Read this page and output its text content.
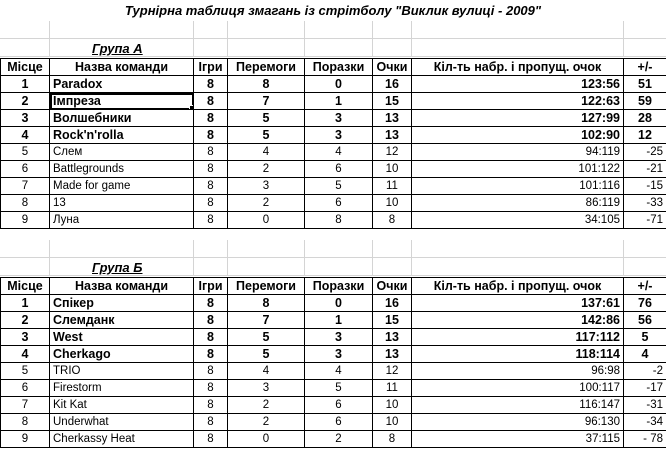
Турнірна таблиця змагань із стрітболу "Виклик вулиці - 2009"
Група А
Місце	Назва команди	Ігри	Перемоги	Поразки	Очки	Кіл-ть набр. і пропущ. очок	+/-
1	Paradox	8	8	0	16	123:56	51
2	Імпреза	8	7	1	15	122:63	59
3	Волшебники	8	5	3	13	127:99	28
4	Rock'n'rolla	8	5	3	13	102:90	12
5	Слем	8	4	4	12	94:119	-25
6	Battlegrounds	8	2	6	10	101:122	-21
7	Made for game	8	3	5	11	101:116	-15
8	13	8	2	6	10	86:119	-33
9	Луна	8	0	8	8	34:105	-71
Група Б
Місце	Назва команди	Ігри	Перемоги	Поразки	Очки	Кіл-ть набр. і пропущ. очок	+/-
1	Спікер	8	8	0	16	137:61	76
2	Слемданк	8	7	1	15	142:86	56
3	West	8	5	3	13	117:112	5
4	Cherkago	8	5	3	13	118:114	4
5	TRIO	8	4	4	12	96:98	-2
6	Firestorm	8	3	5	11	100:117	-17
7	Kit Kat	8	2	6	10	116:147	-31
8	Underwhat	8	2	6	10	96:130	-34
9	Cherkassy Heat	8	0	2	8	37:115	- 78
